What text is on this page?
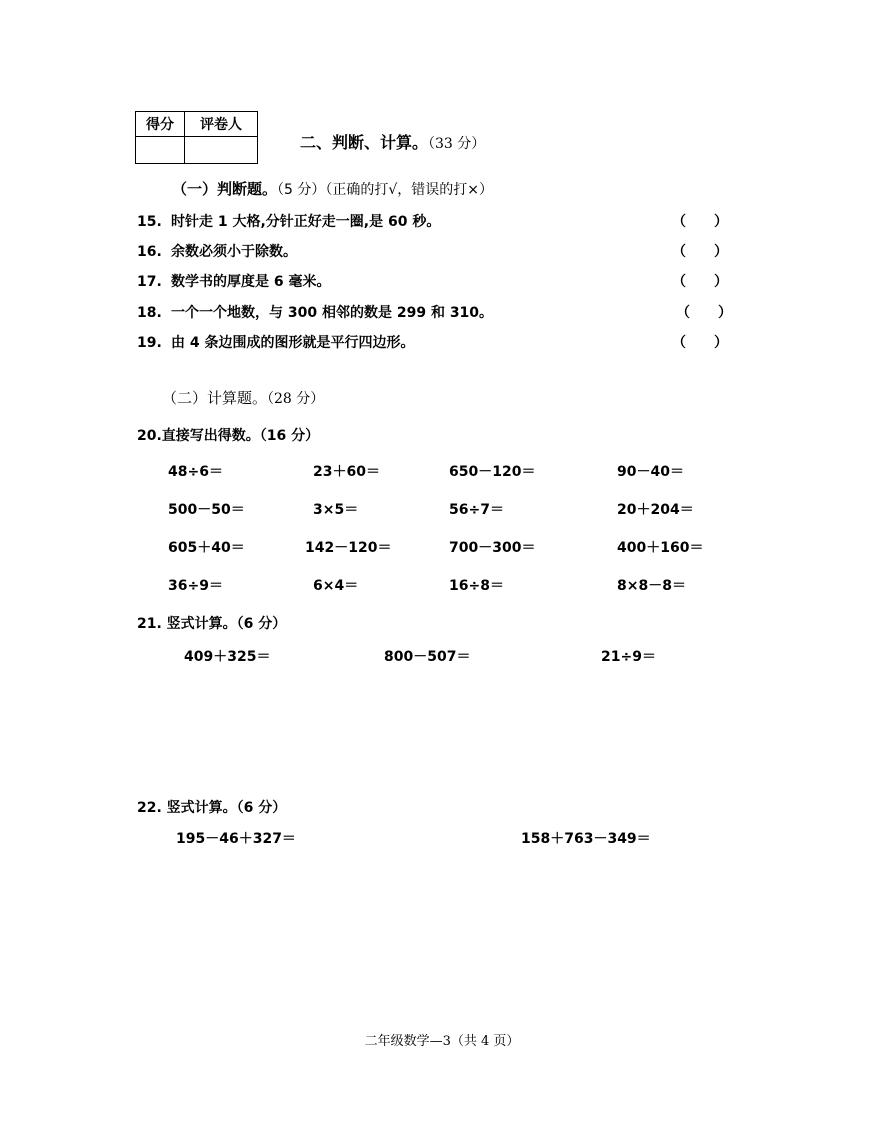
得分	评卷人

二、判断、计算。（33 分）
（一）判断题。（5 分）（正确的打√，错误的打×）
15. 时针走 1 大格,分针正好走一圈,是 60 秒。	（　　）
16. 余数必须小于除数。	（　　）
17. 数学书的厚度是 6 毫米。	（　　）
18. 一个一个地数，与 300 相邻的数是 299 和 310。	（　　）
19. 由 4 条边围成的图形就是平行四边形。	（　　）
（二）计算题。（28 分）
20.直接写出得数。（16 分）
48÷6＝	23＋60＝	650－120＝	90－40＝
500－50＝	3×5＝	56÷7＝	20＋204＝
605＋40＝	142－120＝	700－300＝	400＋160＝
36÷9＝	6×4＝	16÷8＝	8×8－8＝
21. 竖式计算。（6 分）
409＋325＝	800－507＝	21÷9＝
22. 竖式计算。（6 分）
195－46＋327＝	158＋763－349＝
二年级数学—3（共 4 页）
